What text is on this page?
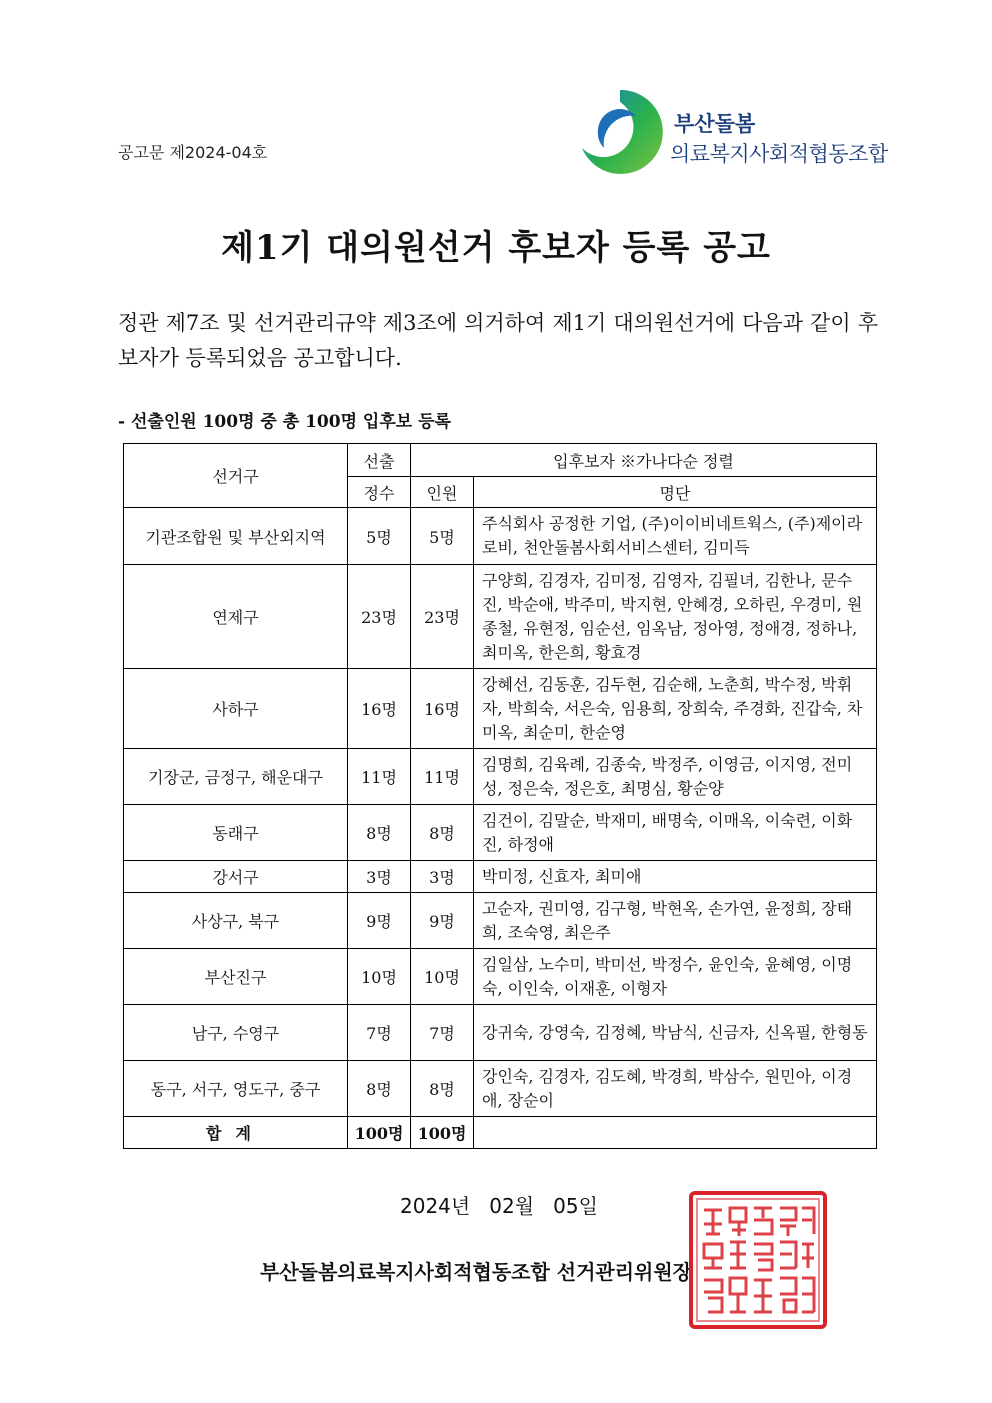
공고문 제2024-04호
부산돌봄
의료복지사회적협동조합
제1기 대의원선거 후보자 등록 공고
정관 제7조 및 선거관리규약 제3조에 의거하여 제1기 대의원선거에 다음과 같이 후보자가 등록되었음 공고합니다.
- 선출인원 100명 중 총 100명 입후보 등록
선거구	선출	입후보자 ※가나다순 정렬	
	정수	인원	명단
기관조합원 및 부산외지역	5명	5명	주식회사 공정한 기업, (주)이이비네트웍스, (주)제이라로비, 천안돌봄사회서비스센터, 김미득
연제구	23명	23명	구양희, 김경자, 김미정, 김영자, 김필녀, 김한나, 문수진, 박순애, 박주미, 박지현, 안혜경, 오하린, 우경미, 원종철, 유현정, 임순선, 임옥남, 정아영, 정애경, 정하나, 최미옥, 한은희, 황효경
사하구	16명	16명	강혜선, 김동훈, 김두현, 김순해, 노춘희, 박수정, 박휘자, 박희숙, 서은숙, 임용희, 장희숙, 주경화, 진갑숙, 차미옥, 최순미, 한순영
기장군, 금정구, 해운대구	11명	11명	김명희, 김육례, 김종숙, 박정주, 이영금, 이지영, 전미성, 정은숙, 정은호, 최명심, 황순양
동래구	8명	8명	김건이, 김말순, 박재미, 배명숙, 이매옥, 이숙련, 이화진, 하정애
강서구	3명	3명	박미정, 신효자, 최미애
사상구, 북구	9명	9명	고순자, 권미영, 김구형, 박현옥, 손가연, 윤정희, 장태희, 조숙영, 최은주
부산진구	10명	10명	김일삼, 노수미, 박미선, 박정수, 윤인숙, 윤혜영, 이명숙, 이인숙, 이재훈, 이형자
남구, 수영구	7명	7명	강귀숙, 강영숙, 김정혜, 박남식, 신금자, 신옥필, 한형동
동구, 서구, 영도구, 중구	8명	8명	강인숙, 김경자, 김도혜, 박경희, 박삼수, 원민아, 이경애, 장순이
합계	100명	100명	
2024년   02월   05일
부산돌봄의료복지사회적협동조합 선거관리위원장
